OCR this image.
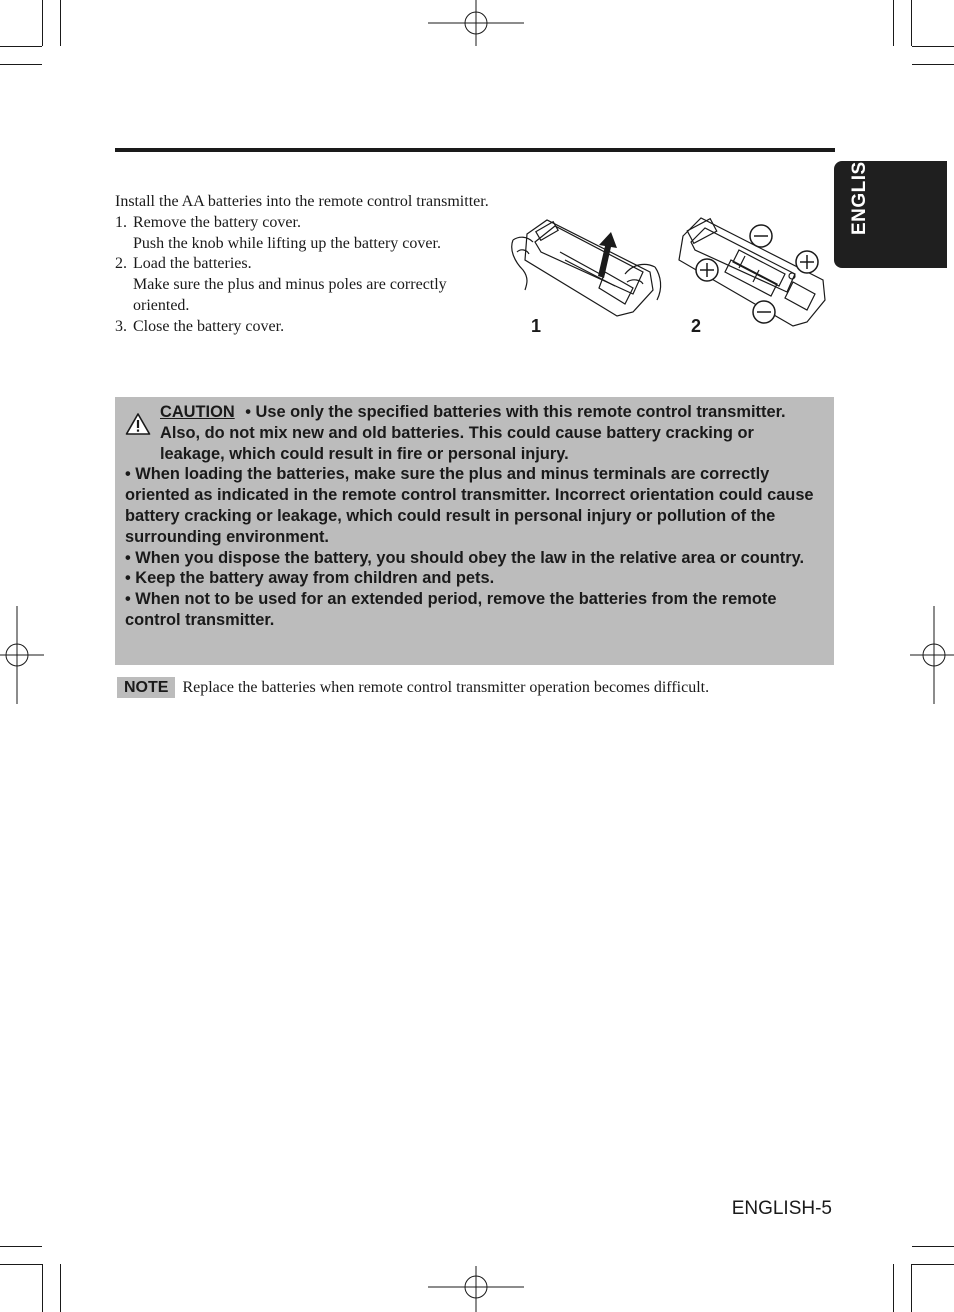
ENGLISH

Install the AA batteries into the remote control transmitter.

1. Remove the battery cover.
Push the knob while lifting up the battery cover.
2. Load the batteries.
Make sure the plus and minus poles are correctly oriented.
3. Close the battery cover.	1	2
CAUTION • Use only the specified batteries with this remote control transmitter. Also, do not mix new and old batteries. This could cause battery cracking or leakage, which could result in fire or personal injury.
• When loading the batteries, make sure the plus and minus terminals are correctly oriented as indicated in the remote control transmitter. Incorrect orientation could cause battery cracking or leakage, which could result in personal injury or pollution of the surrounding environment.
• When you dispose the battery, you should obey the law in the relative area or country.
• Keep the battery away from children and pets.
• When not to be used for an extended period, remove the batteries from the remote control transmitter.
NOTE Replace the batteries when remote control transmitter operation becomes difficult.
ENGLISH-5
